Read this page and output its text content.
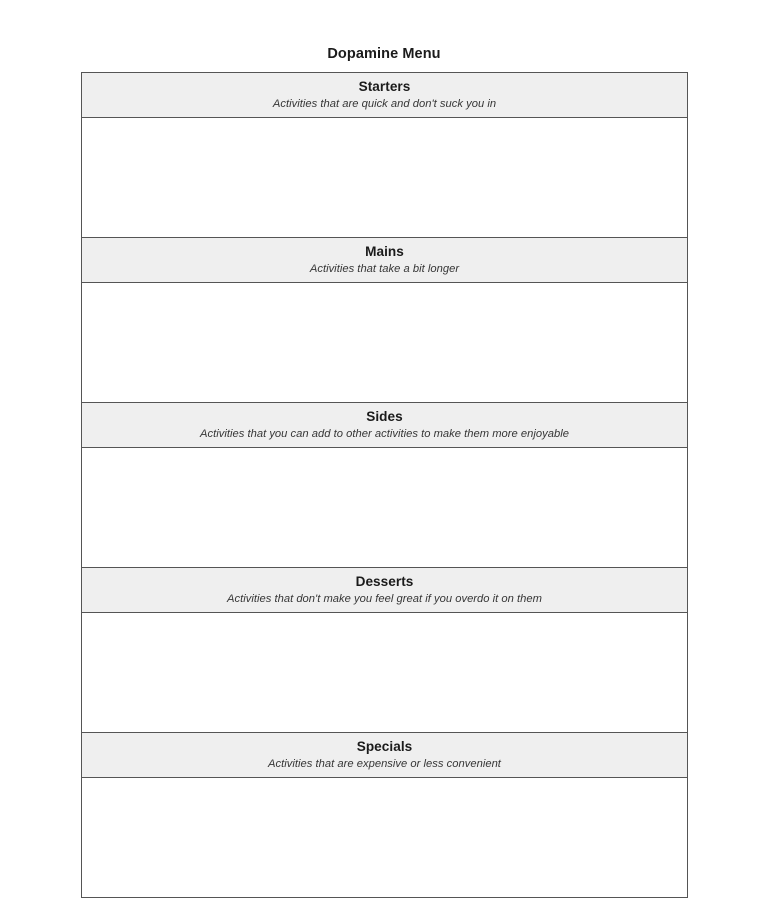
Dopamine Menu
Starters
Activities that are quick and don't suck you in
Mains
Activities that take a bit longer
Sides
Activities that you can add to other activities to make them more enjoyable
Desserts
Activities that don't make you feel great if you overdo it on them
Specials
Activities that are expensive or less convenient
